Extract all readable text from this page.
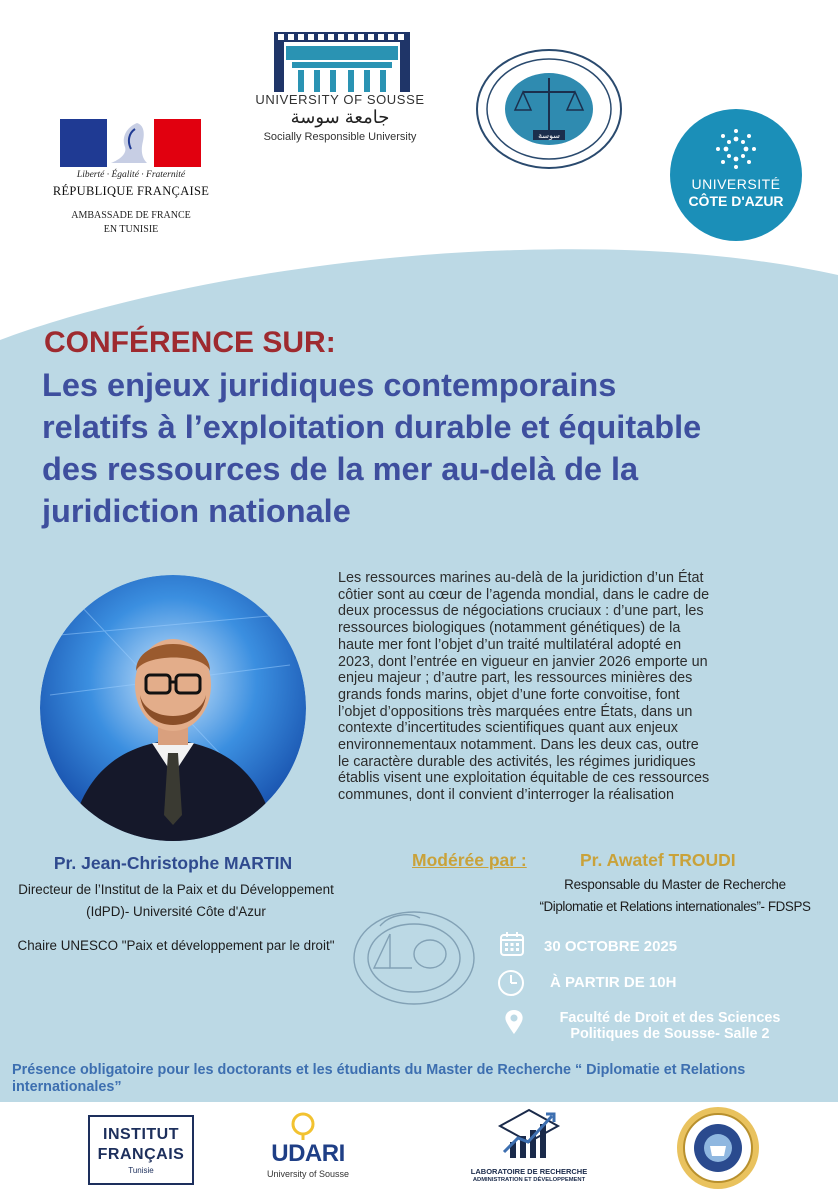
Liberté · Égalité · Fraternité
RÉPUBLIQUE FRANÇAISE
AMBASSADE DE FRANCE
EN TUNISIE
UNIVERSITY OF SOUSSE
جامعة سوسة
Socially Responsible University	سوسة
UNIVERSITÉ
CÔTE D'AZUR
CONFÉRENCE SUR:
Les enjeux juridiques contemporains
relatifs à l’exploitation durable et équitable
des ressources de la mer au-delà de la
juridiction nationale
Les ressources marines au-delà de la juridiction d’un État
côtier sont au cœur de l’agenda mondial, dans le cadre de
deux processus de négociations cruciaux : d’une part, les
ressources biologiques (notamment génétiques) de la
haute mer font l’objet d’un traité multilatéral adopté en
2023, dont l’entrée en vigueur en janvier 2026 emporte un
enjeu majeur ; d’autre part, les ressources minières des
grands fonds marins, objet d’une forte convoitise, font
l’objet d’oppositions très marquées entre États, dans un
contexte d’incertitudes scientifiques quant aux enjeux
environnementaux notamment. Dans les deux cas, outre
le caractère durable des activités, les régimes juridiques
établis visent une exploitation équitable de ces ressources
communes, dont il convient d’interroger la réalisation
Pr. Jean-Christophe MARTIN
Directeur de l’Institut de la Paix et du Développement
(IdPD)- Université Côte d'Azur
Chaire UNESCO "Paix et développement par le droit"
Modérée par :	Pr. Awatef TROUDI
Responsable du Master de Recherche
“Diplomatie et Relations internationales”- FDSPS
30 OCTOBRE 2025
À PARTIR DE 10H
Faculté de Droit et des Sciences
Politiques de Sousse- Salle 2
Présence obligatoire pour les doctorants et les étudiants du Master de Recherche “ Diplomatie et Relations internationales”
INSTITUT
FRANÇAIS
Tunisie
UDARI
University of Sousse	LABORATOIRE DE RECHERCHE
ADMINISTRATION ET DÉVELOPPEMENT
